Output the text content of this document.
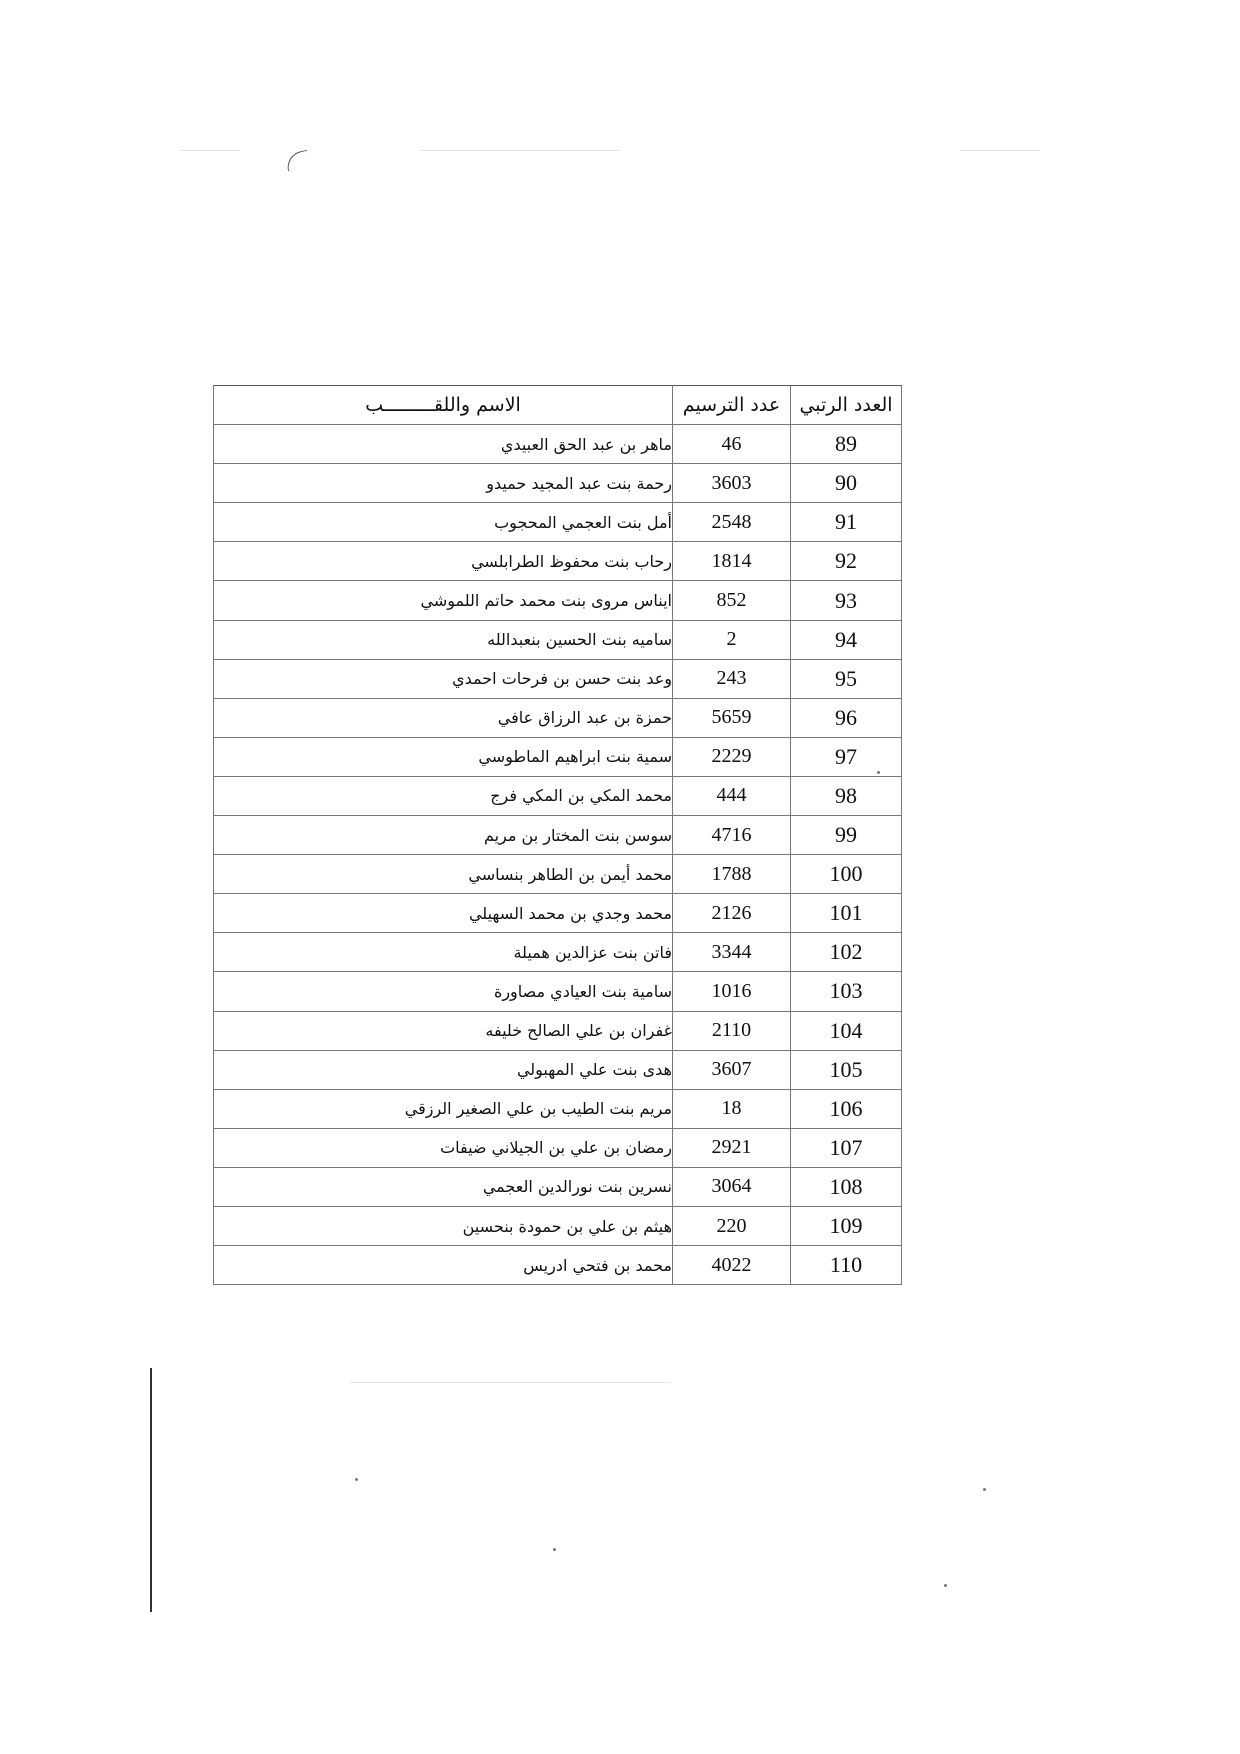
العدد الرتبي	عدد الترسيم	الاسم واللقـــــــــب
89	46	ماهر بن عبد الحق العبيدي
90	3603	رحمة بنت عبد المجيد حميدو
91	2548	أمل بنت العجمي المحجوب
92	1814	رحاب بنت محفوظ الطرابلسي
93	852	ايناس مروى بنت محمد حاتم اللموشي
94	2	ساميه بنت الحسين بنعبدالله
95	243	وعد بنت حسن بن فرحات احمدي
96	5659	حمزة بن عبد الرزاق عافي
97	2229	سمية بنت ابراهيم الماطوسي
98	444	محمد المكي بن المكي فرج
99	4716	سوسن بنت المختار بن مريم
100	1788	محمد أيمن بن الطاهر بنساسي
101	2126	محمد وجدي بن محمد السهيلي
102	3344	فاتن بنت عزالدين هميلة
103	1016	سامية بنت العيادي مصاورة
104	2110	غفران بن علي الصالح خليفه
105	3607	هدى بنت علي المهبولي
106	18	مريم بنت الطيب بن علي الصغير الرزقي
107	2921	رمضان بن علي بن الجيلاني ضيفات
108	3064	نسرين بنت نورالدين العجمي
109	220	هيثم بن علي بن حمودة بنحسين
110	4022	محمد بن فتحي ادريس
